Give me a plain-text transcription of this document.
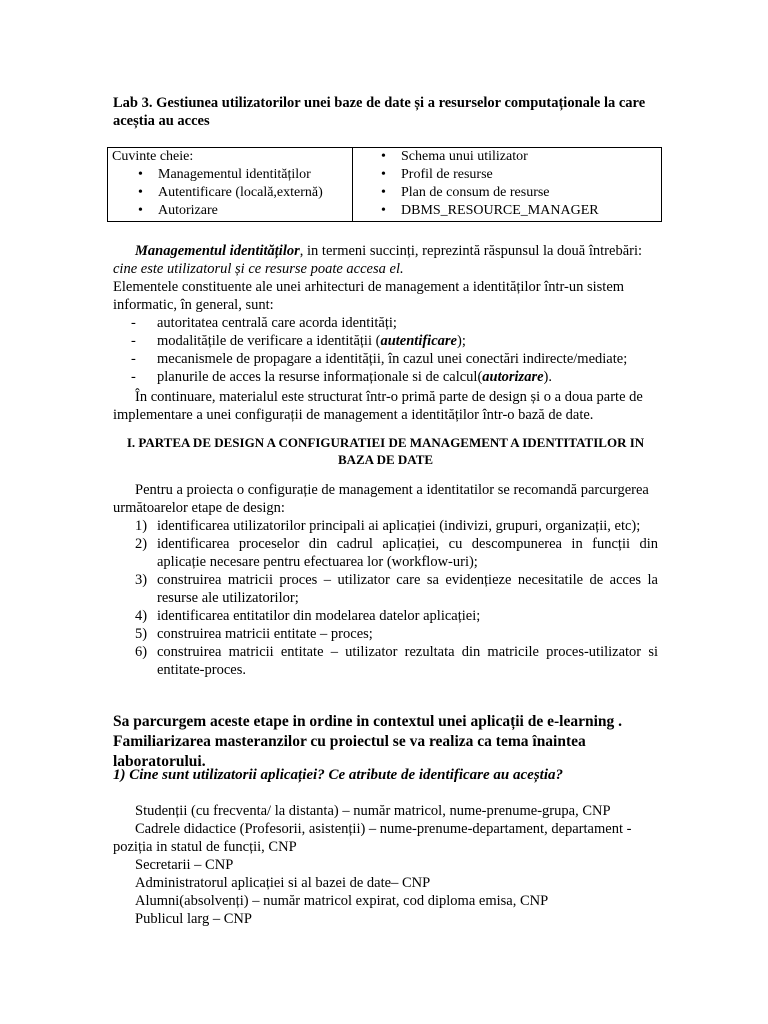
Lab 3. Gestiunea utilizatorilor unei baze de date și a resurselor computaționale la care aceștia au acces
Cuvinte cheie:
• Managementul identităților
• Autentificare (locală,externă)
• Autorizare

• Schema unui utilizator
• Profil de resurse
• Plan de consum de resurse
• DBMS_RESOURCE_MANAGER

Managementul identităților, in termeni succinți, reprezintă răspunsul la două întrebări: cine este utilizatorul și ce resurse poate accesa el.

Elementele constituente ale unei arhitecturi de management a identităților într-un sistem informatic, în general, sunt:

- autoritatea centrală care acorda identități;
- modalitățile de verificare a identității (autentificare);
- mecanismele de propagare a identității, în cazul unei conectări indirecte/mediate;
- planurile de acces la resurse informaționale si de calcul(autorizare).

În continuare, materialul este structurat într-o primă parte de design și o a doua parte de implementare a unei configurații de management a identităților într-o bază de date.

I. PARTEA DE DESIGN A CONFIGURATIEI DE MANAGEMENT A IDENTITATILOR IN BAZA DE DATE

Pentru a proiecta o configurație de management a identitatilor se recomandă parcurgerea următoarelor etape de design:

1) identificarea utilizatorilor principali ai aplicației (indivizi, grupuri, organizații, etc);
2) identificarea proceselor din cadrul aplicației, cu descompunerea in funcții din aplicație necesare pentru efectuarea lor (workflow-uri);
3) construirea matricii proces – utilizator care sa evidențieze necesitatile de acces la resurse ale utilizatorilor;
4) identificarea entitatilor din modelarea datelor aplicației;
5) construirea matricii entitate – proces;
6) construirea matricii entitate – utilizator rezultata din matricile proces-utilizator si entitate-proces.
Sa parcurgem aceste etape in ordine in contextul unei aplicații de e-learning . Familiarizarea masteranzilor cu proiectul se va realiza ca tema înaintea laboratorului.
1) Cine sunt utilizatorii aplicației? Ce atribute de identificare au aceștia?

Studenții (cu frecventa/ la distanta) – număr matricol, nume-prenume-grupa, CNP

Cadrele didactice (Profesorii, asistenții) – nume-prenume-departament, departament - poziția in statul de funcții, CNP

Secretarii – CNP

Administratorul aplicației si al bazei de date– CNP

Alumni(absolvenți) – număr matricol expirat, cod diploma emisa, CNP

Publicul larg – CNP
